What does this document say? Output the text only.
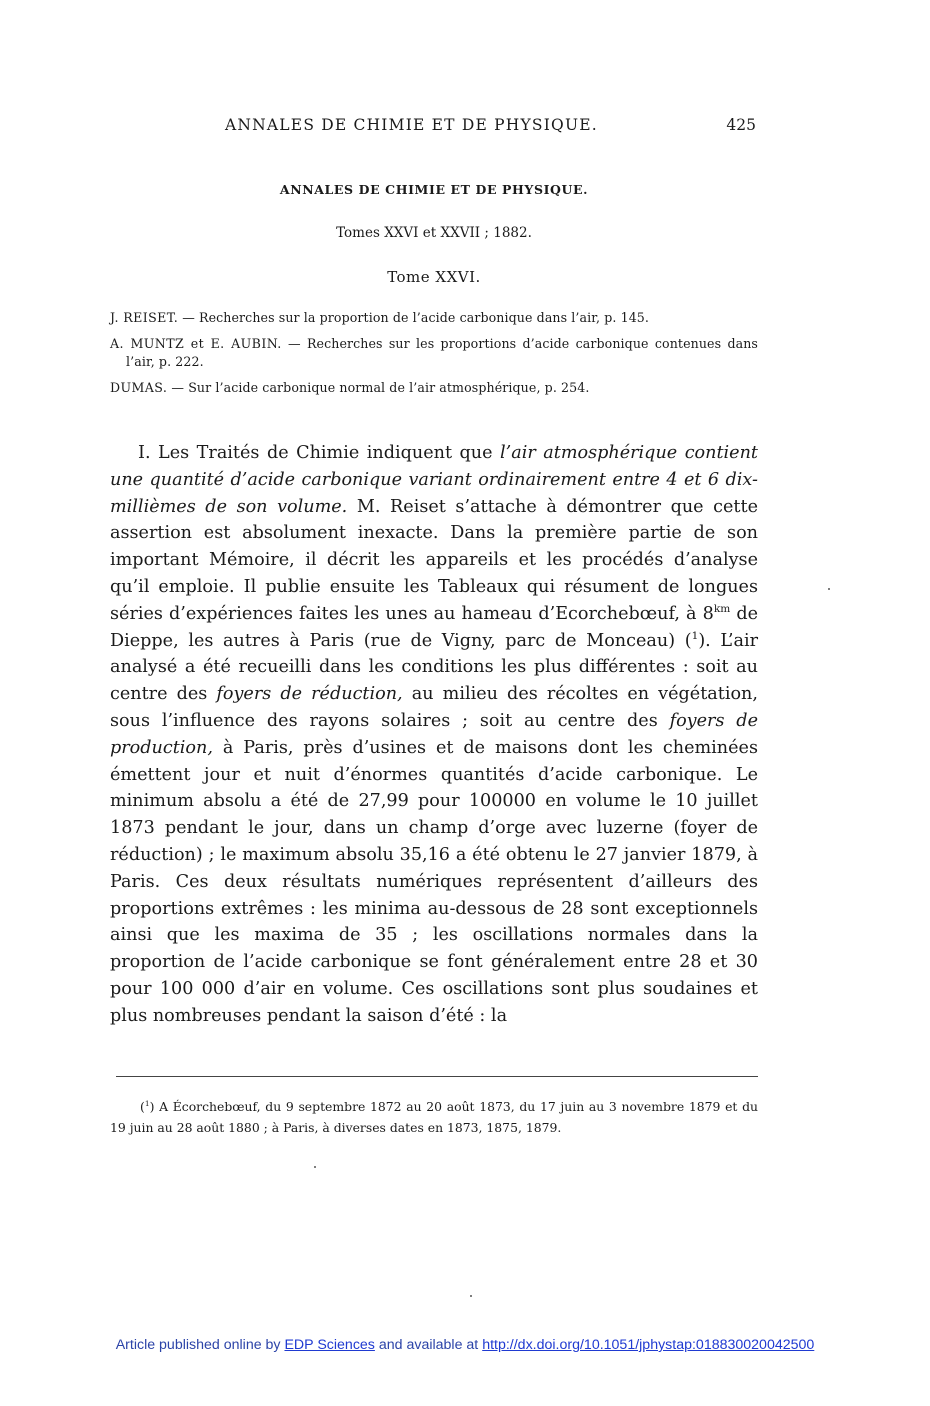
ANNALES DE CHIMIE ET DE PHYSIQUE.	425
ANNALES DE CHIMIE ET DE PHYSIQUE.
Tomes XXVI et XXVII ; 1882.
Tome XXVI.
J. REISET. — Recherches sur la proportion de l’acide carbonique dans l’air, p. 145.
A. MUNTZ et E. AUBIN. — Recherches sur les proportions d’acide carbonique contenues dans l’air, p. 222.
DUMAS. — Sur l’acide carbonique normal de l’air atmosphérique, p. 254.

I. Les Traités de Chimie indiquent que l’air atmosphérique contient une quantité d’acide carbonique variant ordinairement entre 4 et 6 dix-millièmes de son volume. M. Reiset s’attache à démontrer que cette assertion est absolument inexacte. Dans la première partie de son important Mémoire, il décrit les appareils et les procédés d’analyse qu’il emploie. Il publie ensuite les Tableaux qui résument de longues séries d’expériences faites les unes au hameau d’Ecorchebœuf, à $8^{km}$ de Dieppe, les autres à Paris (rue de Vigny, parc de Monceau) ($^1$). L’air analysé a été recueilli dans les conditions les plus différentes : soit au centre des foyers de réduction, au milieu des récoltes en végétation, sous l’influence des rayons solaires ; soit au centre des foyers de production, à Paris, près d’usines et de maisons dont les cheminées émettent jour et nuit d’énormes quantités d’acide carbonique. Le minimum absolu a été de 27,99 pour 100000 en volume le 10 juillet 1873 pendant le jour, dans un champ d’orge avec luzerne (foyer de réduction) ; le maximum absolu 35,16 a été obtenu le 27 janvier 1879, à Paris. Ces deux résultats numériques représentent d’ailleurs des proportions extrêmes : les minima au-dessous de 28 sont exceptionnels ainsi que les maxima de 35 ; les oscillations normales dans la proportion de l’acide carbonique se font généralement entre 28 et 30 pour 100 000 d’air en volume. Ces oscillations sont plus soudaines et plus nombreuses pendant la saison d’été : la

($^1$) A Écorchebœuf, du 9 septembre 1872 au 20 août 1873, du 17 juin au 3 novembre 1879 et du 19 juin au 28 août 1880 ; à Paris, à diverses dates en 1873, 1875, 1879.

Article published online by EDP Sciences and available at http://dx.doi.org/10.1051/jphystap:018830020042500
